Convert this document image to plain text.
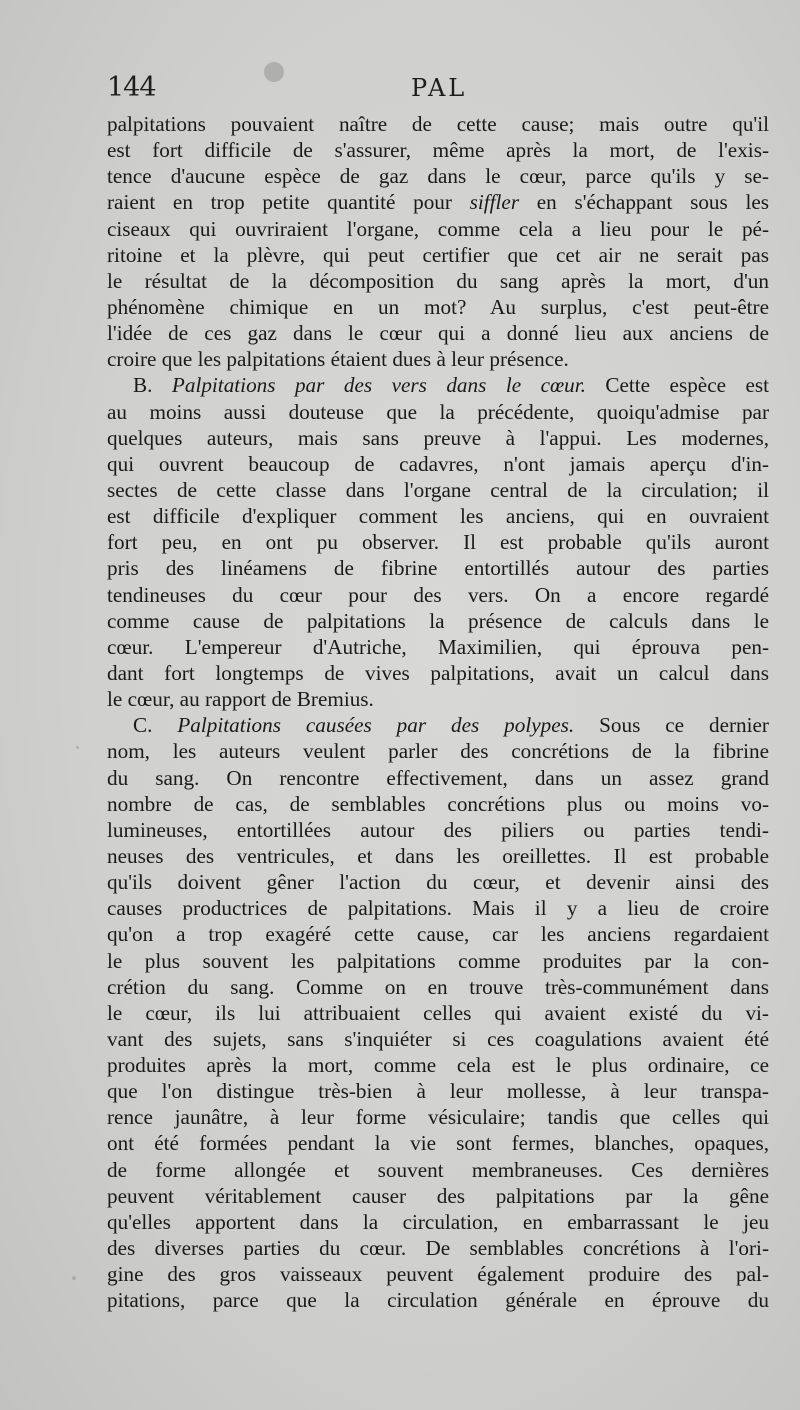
144	PAL
palpitations pouvaient naître de cette cause; mais outre qu'il
est fort difficile de s'assurer, même après la mort, de l'exis-
tence d'aucune espèce de gaz dans le cœur, parce qu'ils y se-
raient en trop petite quantité pour siffler en s'échappant sous les
ciseaux qui ouvriraient l'organe, comme cela a lieu pour le pé-
ritoine et la plèvre, qui peut certifier que cet air ne serait pas
le résultat de la décomposition du sang après la mort, d'un
phénomène chimique en un mot? Au surplus, c'est peut-être
l'idée de ces gaz dans le cœur qui a donné lieu aux anciens de
croire que les palpitations étaient dues à leur présence.
B. Palpitations par des vers dans le cœur. Cette espèce est
au moins aussi douteuse que la précédente, quoiqu'admise par
quelques auteurs, mais sans preuve à l'appui. Les modernes,
qui ouvrent beaucoup de cadavres, n'ont jamais aperçu d'in-
sectes de cette classe dans l'organe central de la circulation; il
est difficile d'expliquer comment les anciens, qui en ouvraient
fort peu, en ont pu observer. Il est probable qu'ils auront
pris des linéamens de fibrine entortillés autour des parties
tendineuses du cœur pour des vers. On a encore regardé
comme cause de palpitations la présence de calculs dans le
cœur. L'empereur d'Autriche, Maximilien, qui éprouva pen-
dant fort longtemps de vives palpitations, avait un calcul dans
le cœur, au rapport de Bremius.
C. Palpitations causées par des polypes. Sous ce dernier
nom, les auteurs veulent parler des concrétions de la fibrine
du sang. On rencontre effectivement, dans un assez grand
nombre de cas, de semblables concrétions plus ou moins vo-
lumineuses, entortillées autour des piliers ou parties tendi-
neuses des ventricules, et dans les oreillettes. Il est probable
qu'ils doivent gêner l'action du cœur, et devenir ainsi des
causes productrices de palpitations. Mais il y a lieu de croire
qu'on a trop exagéré cette cause, car les anciens regardaient
le plus souvent les palpitations comme produites par la con-
crétion du sang. Comme on en trouve très-communément dans
le cœur, ils lui attribuaient celles qui avaient existé du vi-
vant des sujets, sans s'inquiéter si ces coagulations avaient été
produites après la mort, comme cela est le plus ordinaire, ce
que l'on distingue très-bien à leur mollesse, à leur transpa-
rence jaunâtre, à leur forme vésiculaire; tandis que celles qui
ont été formées pendant la vie sont fermes, blanches, opaques,
de forme allongée et souvent membraneuses. Ces dernières
peuvent véritablement causer des palpitations par la gêne
qu'elles apportent dans la circulation, en embarrassant le jeu
des diverses parties du cœur. De semblables concrétions à l'ori-
gine des gros vaisseaux peuvent également produire des pal-
pitations, parce que la circulation générale en éprouve du
